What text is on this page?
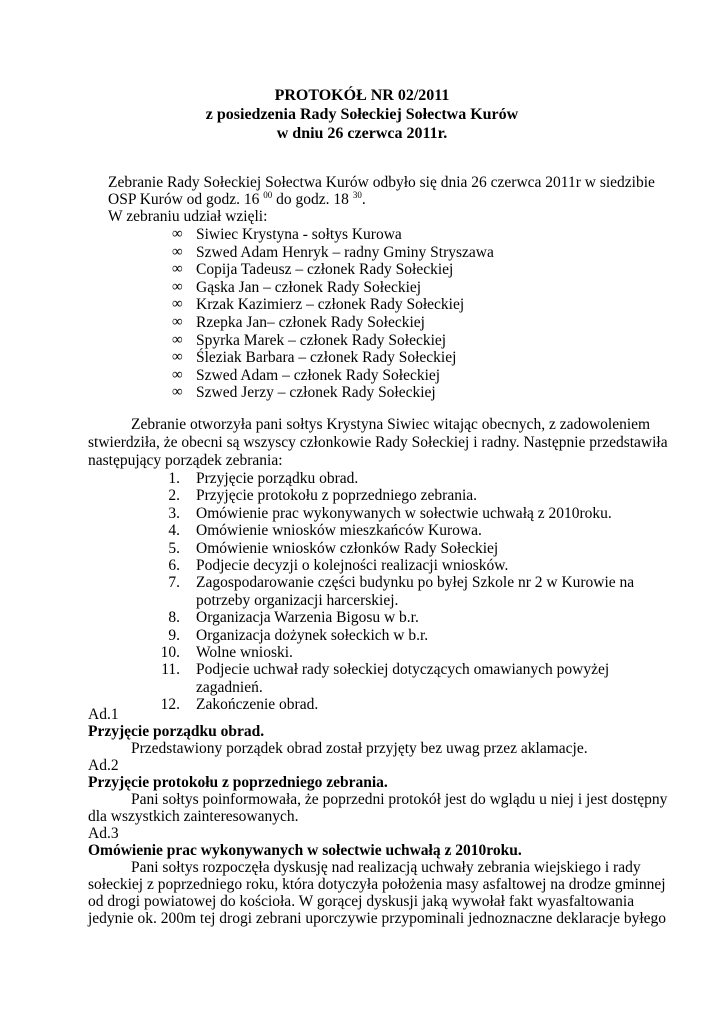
PROTOKÓŁ NR 02/2011
z posiedzenia Rady Sołeckiej Sołectwa Kurów
w dniu 26 czerwca 2011r.
Zebranie Rady Sołeckiej Sołectwa Kurów odbyło się dnia 26 czerwca 2011r w siedzibie
OSP Kurów od godz. 16 $^{00}$ do godz. 18 $^{30}$.
W zebraniu udział wzięli:
∞ Siwiec Krystyna - sołtys Kurowa
∞ Szwed Adam Henryk – radny Gminy Stryszawa
∞ Copija Tadeusz – członek Rady Sołeckiej
∞ Gąska Jan – członek Rady Sołeckiej
∞ Krzak Kazimierz – członek Rady Sołeckiej
∞ Rzepka Jan– członek Rady Sołeckiej
∞ Spyrka Marek – członek Rady Sołeckiej
∞ Śleziak Barbara – członek Rady Sołeckiej
∞ Szwed Adam – członek Rady Sołeckiej
∞ Szwed Jerzy – członek Rady Sołeckiej
Zebranie otworzyła pani sołtys Krystyna Siwiec witając obecnych, z zadowoleniem
stwierdziła, że obecni są wszyscy członkowie Rady Sołeckiej i radny. Następnie przedstawiła
następujący porządek zebrania:
1. Przyjęcie porządku obrad.
2. Przyjęcie protokołu z poprzedniego zebrania.
3. Omówienie prac wykonywanych w sołectwie uchwałą z 2010roku.
4. Omówienie wniosków mieszkańców Kurowa.
5. Omówienie wniosków członków Rady Sołeckiej
6. Podjecie decyzji o kolejności realizacji wniosków.
7. Zagospodarowanie części budynku po byłej Szkole nr 2 w Kurowie na
potrzeby organizacji harcerskiej.
8. Organizacja Warzenia Bigosu w b.r.
9. Organizacja dożynek sołeckich w b.r.
10. Wolne wnioski.
11. Podjecie uchwał rady sołeckiej dotyczących omawianych powyżej
zagadnień.
12. Zakończenie obrad.
Ad.1
Przyjęcie porządku obrad.
Przedstawiony porządek obrad został przyjęty bez uwag przez aklamacje.
Ad.2
Przyjęcie protokołu z poprzedniego zebrania.
Pani sołtys poinformowała, że poprzedni protokół jest do wglądu u niej i jest dostępny
dla wszystkich zainteresowanych.
Ad.3
Omówienie prac wykonywanych w sołectwie uchwałą z 2010roku.
Pani sołtys rozpoczęła dyskusję nad realizacją uchwały zebrania wiejskiego i rady
sołeckiej z poprzedniego roku, która dotyczyła położenia masy asfaltowej na drodze gminnej
od drogi powiatowej do kościoła. W gorącej dyskusji jaką wywołał fakt wyasfaltowania
jedynie ok. 200m tej drogi zebrani uporczywie przypominali jednoznaczne deklaracje byłego
